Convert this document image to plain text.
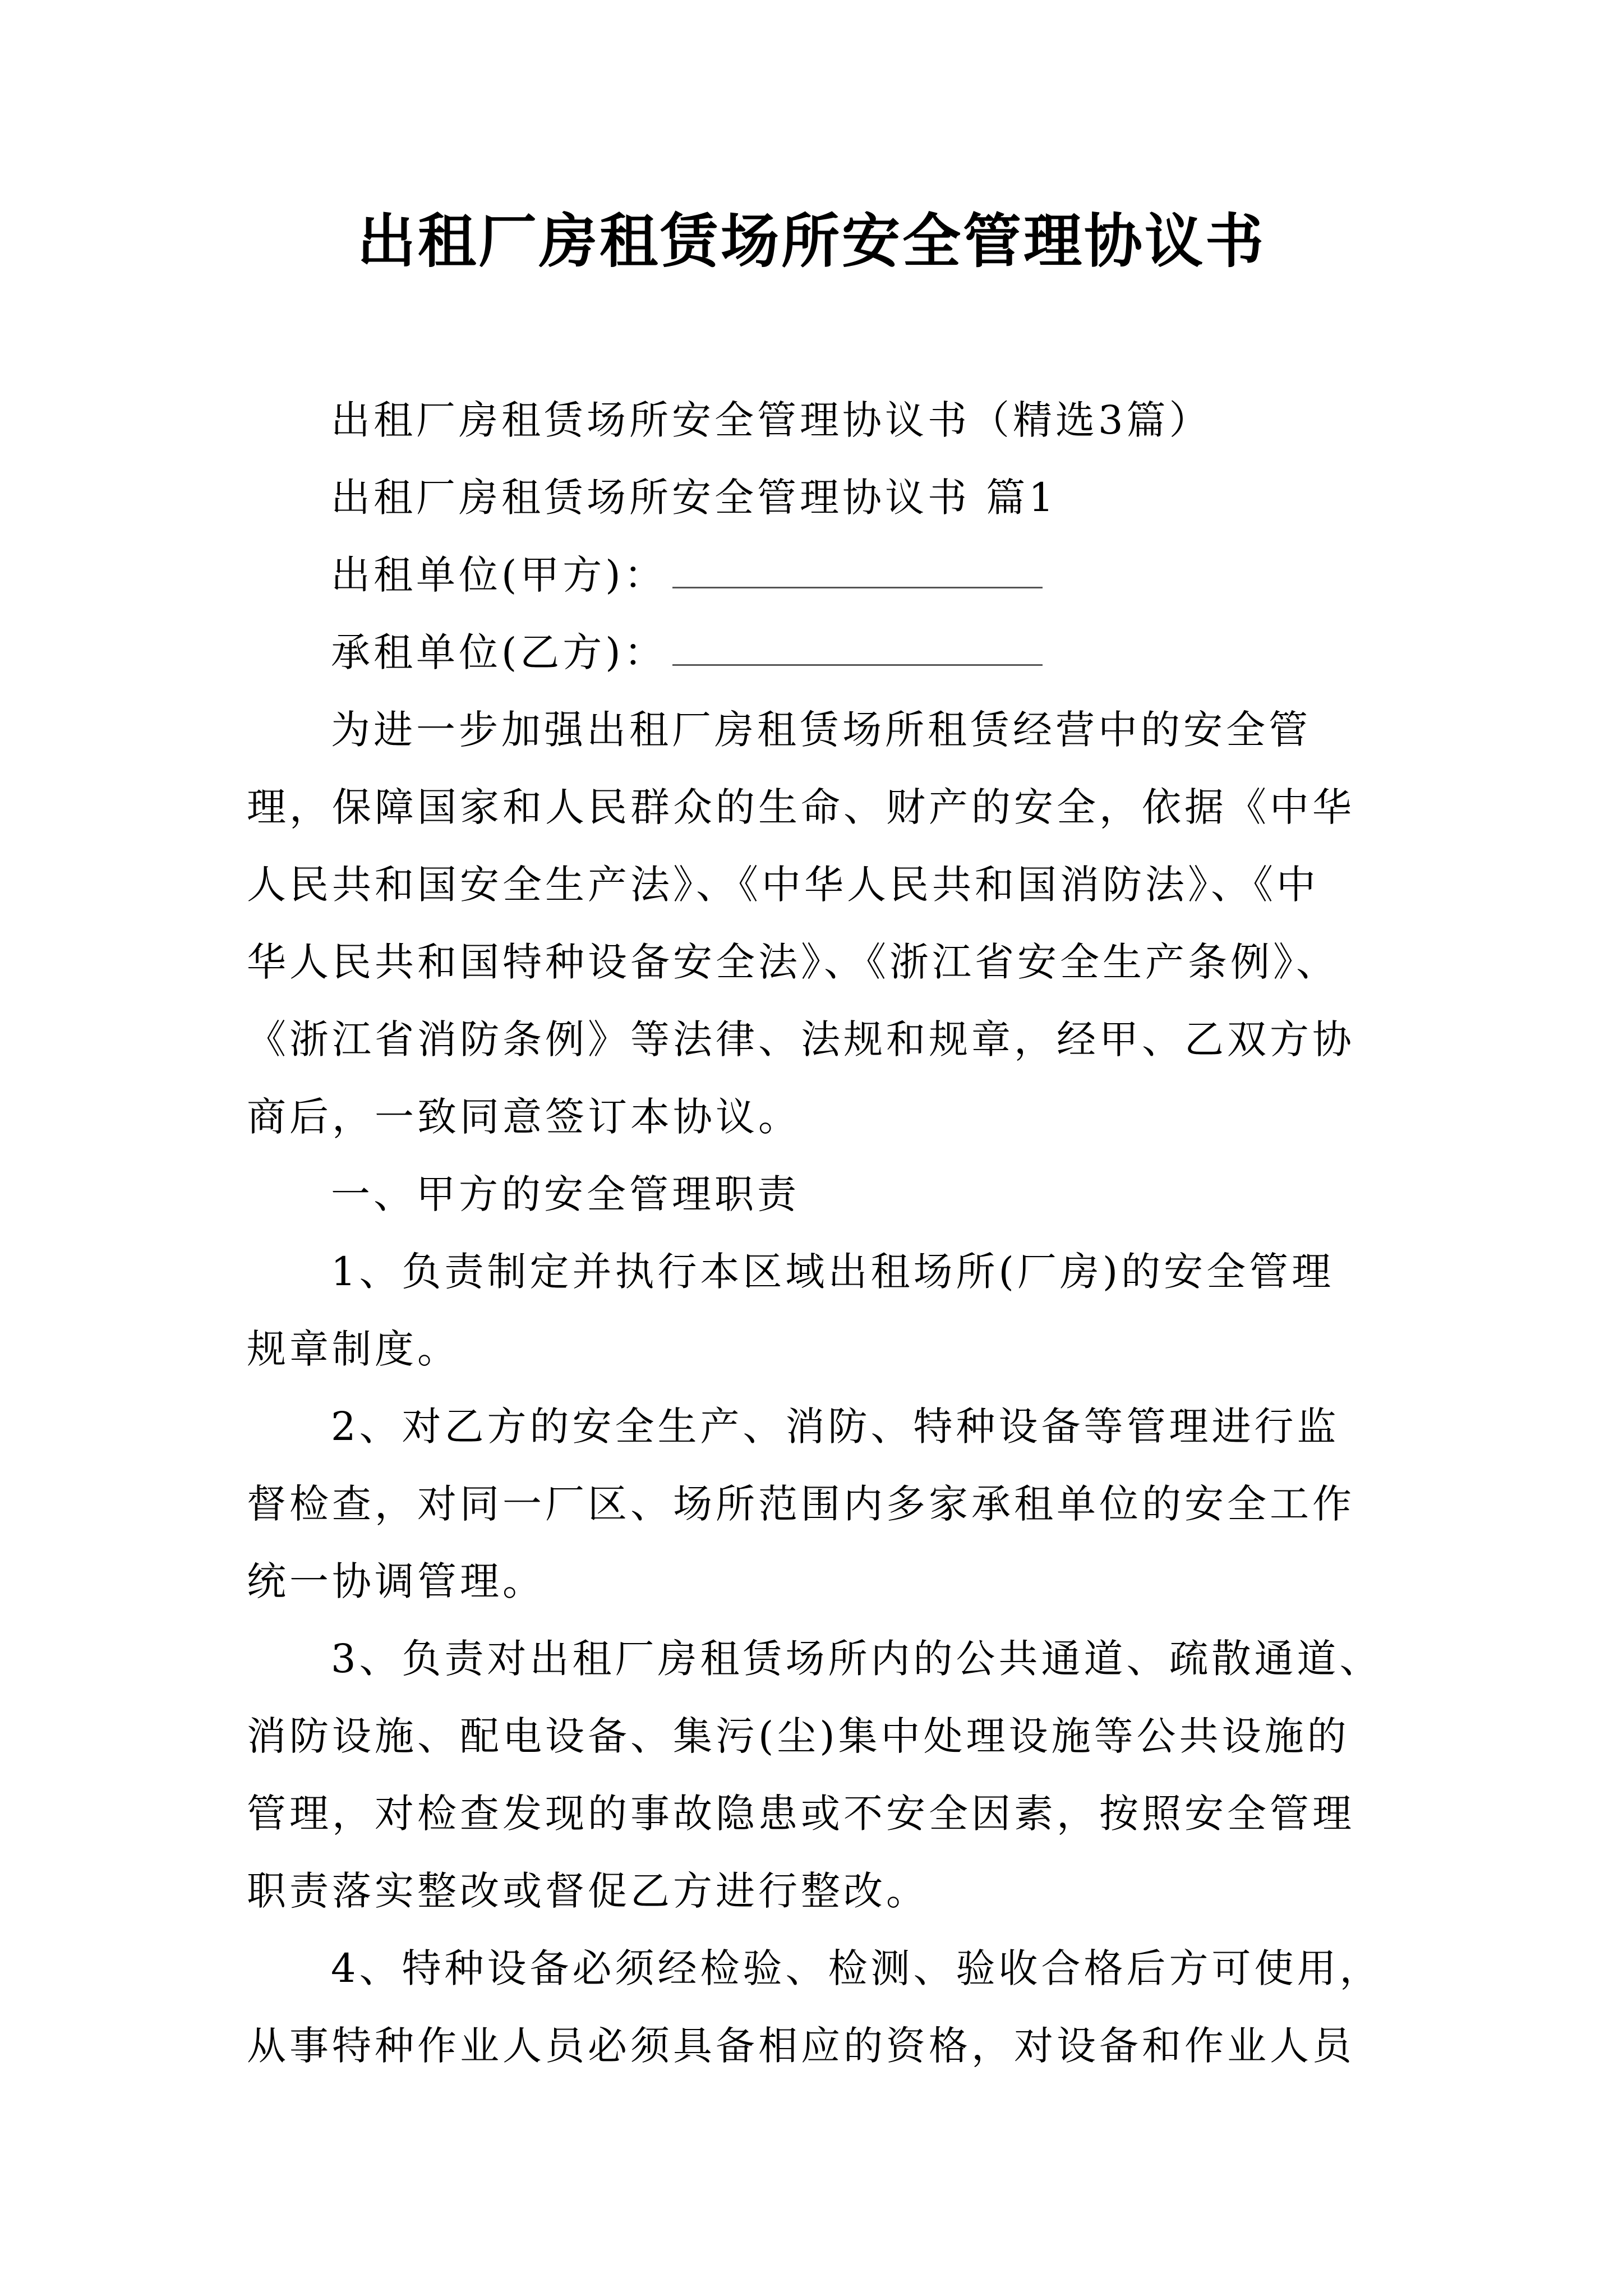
出租厂房租赁场所安全管理协议书
出租厂房租赁场所安全管理协议书（精选3篇）
出租厂房租赁场所安全管理协议书 篇1
出租单位(甲方)：
承租单位(乙方)：
为进一步加强出租厂房租赁场所租赁经营中的安全管
理，保障国家和人民群众的生命、财产的安全，依据《中华
人民共和国安全生产法》、《中华人民共和国消防法》、《中
华人民共和国特种设备安全法》、《浙江省安全生产条例》、
《浙江省消防条例》等法律、法规和规章，经甲、乙双方协
商后，一致同意签订本协议。
一、甲方的安全管理职责
1、负责制定并执行本区域出租场所(厂房)的安全管理
规章制度。
2、对乙方的安全生产、消防、特种设备等管理进行监
督检查，对同一厂区、场所范围内多家承租单位的安全工作
统一协调管理。
3、负责对出租厂房租赁场所内的公共通道、疏散通道、
消防设施、配电设备、集污(尘)集中处理设施等公共设施的
管理，对检查发现的事故隐患或不安全因素，按照安全管理
职责落实整改或督促乙方进行整改。
4、特种设备必须经检验、检测、验收合格后方可使用，
从事特种作业人员必须具备相应的资格，对设备和作业人员
